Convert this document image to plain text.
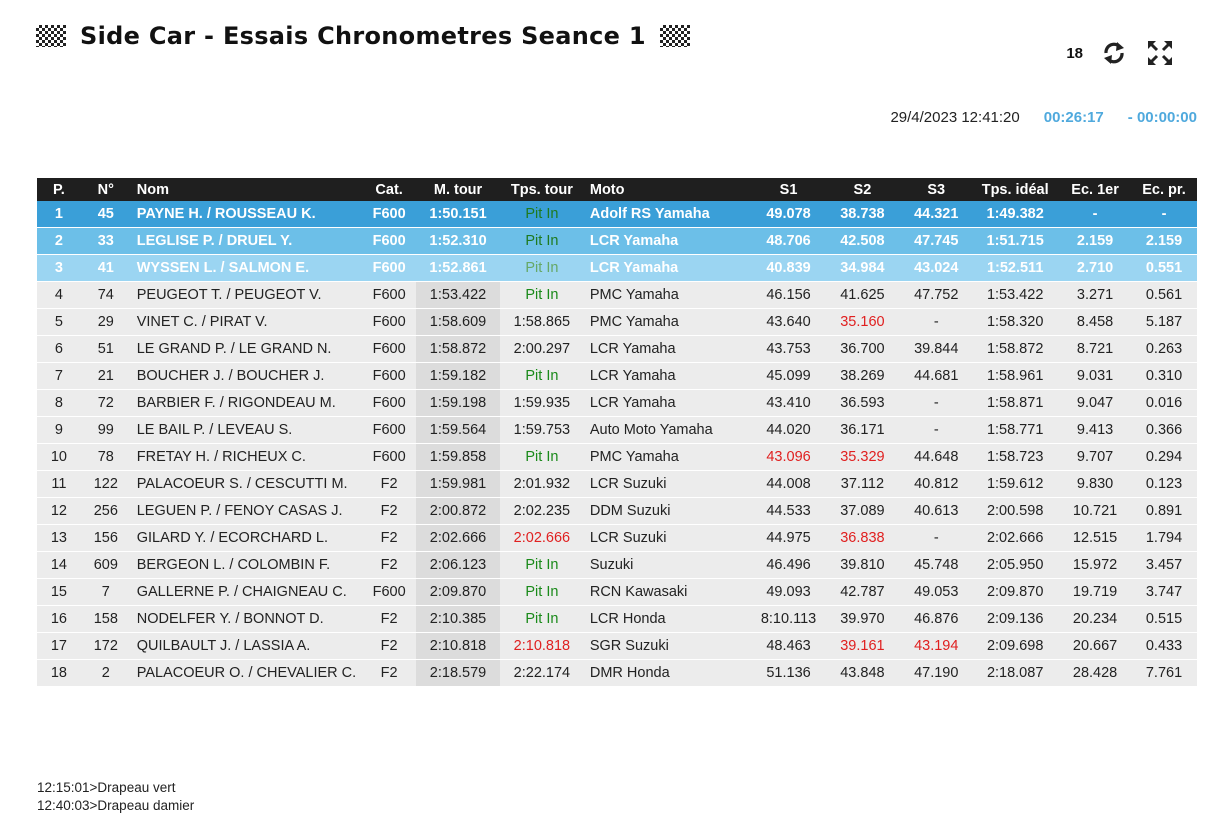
Side Car - Essais Chronometres Seance 1
18
29/4/2023 12:41:20 00:26:17 - 00:00:00
P.	N°	Nom	Cat.	M. tour	Tps. tour	Moto	S1	S2	S3	Tps. idéal	Ec. 1er	Ec. pr.
1	45	PAYNE H. / ROUSSEAU K.	F600	1:50.151	Pit In	Adolf RS Yamaha	49.078	38.738	44.321	1:49.382	-	-
2	33	LEGLISE P. / DRUEL Y.	F600	1:52.310	Pit In	LCR Yamaha	48.706	42.508	47.745	1:51.715	2.159	2.159
3	41	WYSSEN L. / SALMON E.	F600	1:52.861	Pit In	LCR Yamaha	40.839	34.984	43.024	1:52.511	2.710	0.551
4	74	PEUGEOT T. / PEUGEOT V.	F600	1:53.422	Pit In	PMC Yamaha	46.156	41.625	47.752	1:53.422	3.271	0.561
5	29	VINET C. / PIRAT V.	F600	1:58.609	1:58.865	PMC Yamaha	43.640	35.160	-	1:58.320	8.458	5.187
6	51	LE GRAND P. / LE GRAND N.	F600	1:58.872	2:00.297	LCR Yamaha	43.753	36.700	39.844	1:58.872	8.721	0.263
7	21	BOUCHER J. / BOUCHER J.	F600	1:59.182	Pit In	LCR Yamaha	45.099	38.269	44.681	1:58.961	9.031	0.310
8	72	BARBIER F. / RIGONDEAU M.	F600	1:59.198	1:59.935	LCR Yamaha	43.410	36.593	-	1:58.871	9.047	0.016
9	99	LE BAIL P. / LEVEAU S.	F600	1:59.564	1:59.753	Auto Moto Yamaha	44.020	36.171	-	1:58.771	9.413	0.366
10	78	FRETAY H. / RICHEUX C.	F600	1:59.858	Pit In	PMC Yamaha	43.096	35.329	44.648	1:58.723	9.707	0.294
11	122	PALACOEUR S. / CESCUTTI M.	F2	1:59.981	2:01.932	LCR Suzuki	44.008	37.112	40.812	1:59.612	9.830	0.123
12	256	LEGUEN P. / FENOY CASAS J.	F2	2:00.872	2:02.235	DDM Suzuki	44.533	37.089	40.613	2:00.598	10.721	0.891
13	156	GILARD Y. / ECORCHARD L.	F2	2:02.666	2:02.666	LCR Suzuki	44.975	36.838	-	2:02.666	12.515	1.794
14	609	BERGEON L. / COLOMBIN F.	F2	2:06.123	Pit In	Suzuki	46.496	39.810	45.748	2:05.950	15.972	3.457
15	7	GALLERNE P. / CHAIGNEAU C.	F600	2:09.870	Pit In	RCN Kawasaki	49.093	42.787	49.053	2:09.870	19.719	3.747
16	158	NODELFER Y. / BONNOT D.	F2	2:10.385	Pit In	LCR Honda	8:10.113	39.970	46.876	2:09.136	20.234	0.515
17	172	QUILBAULT J. / LASSIA A.	F2	2:10.818	2:10.818	SGR Suzuki	48.463	39.161	43.194	2:09.698	20.667	0.433
18	2	PALACOEUR O. / CHEVALIER C.	F2	2:18.579	2:22.174	DMR Honda	51.136	43.848	47.190	2:18.087	28.428	7.761
12:15:01>Drapeau vert
12:40:03>Drapeau damier
